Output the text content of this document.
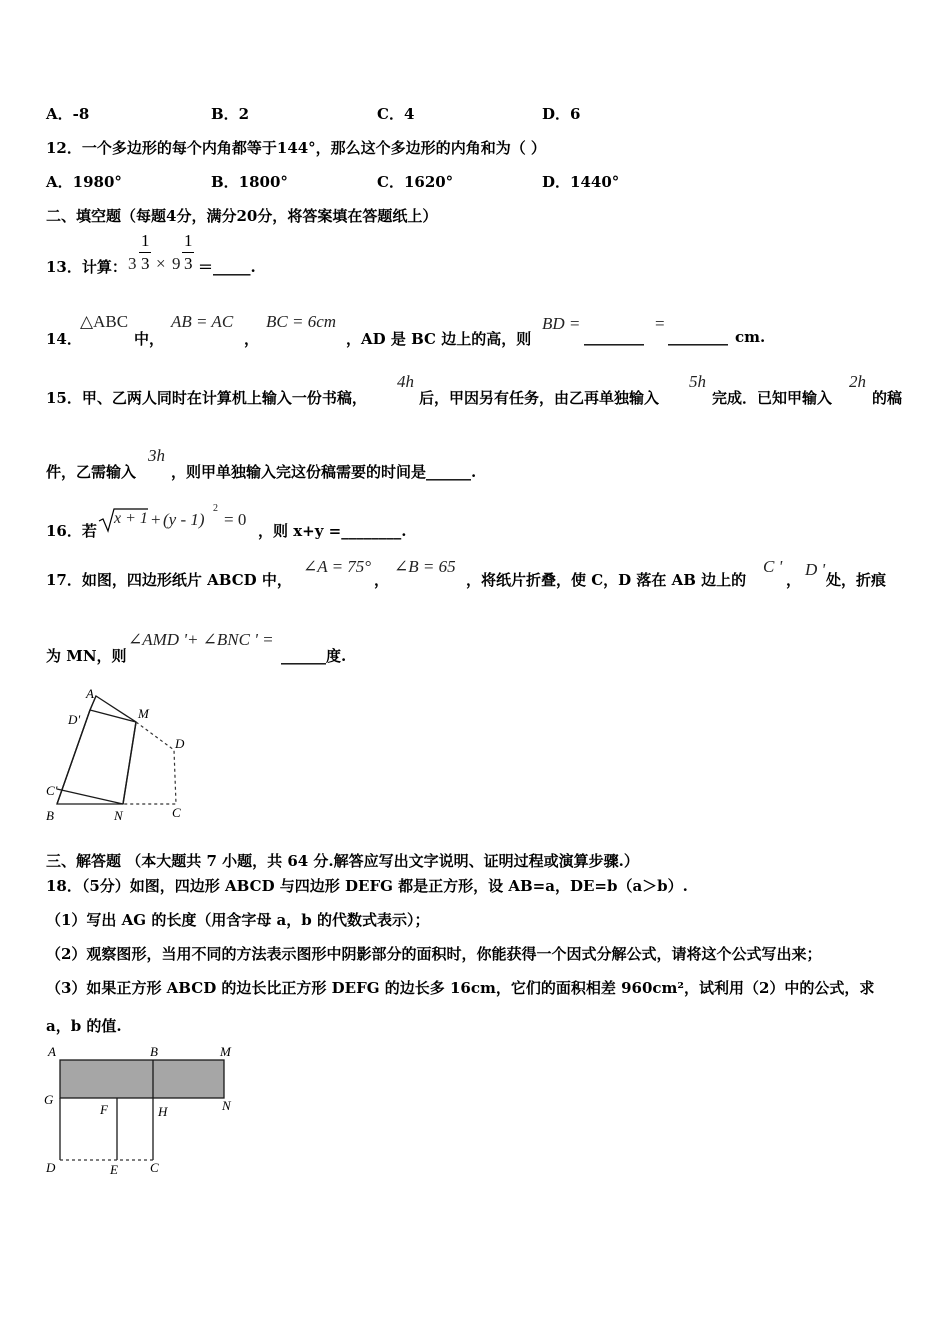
A．-8	B．2	C．4	D．6
12．一个多边形的每个内角都等于144°，那么这个多边形的内角和为（ ）
A．1980°	B．1800°	C．1620°	D．1440°
二、填空题（每题4分，满分20分，将答案填在答题纸上）
13．计算： 3
1
3 × 9
1
3 ＝_____.
14．
△ABC
中，
AB = AC
，
BC = 6cm
，AD 是 BC 边上的高，则
BD =
________
=
________ cm.
15．甲、乙两人同时在计算机上输入一份书稿，
4h
后，甲因另有任务，由乙再单独输入
5h
完成．已知甲输入
2h
的稿
件，乙需输入
3h
，则甲单独输入完这份稿需要的时间是______.
16．若
x + 1 + (y - 1)
2
= 0
，则 x+y =________.
17．如图，四边形纸片 ABCD 中，
∠A = 75°
，
∠B = 65
，将纸片折叠，使 C，D 落在 AB 边上的
C '
，
D '
处，折痕
为 MN，则
∠AMD '+ ∠BNC ' =
______度.
A
D'	M
D
C'
B	N	C
三、解答题 （本大题共 7 小题，共 64 分.解答应写出文字说明、证明过程或演算步骤.）
18．（5分）如图，四边形 ABCD 与四边形 DEFG 都是正方形，设 AB=a，DE=b（a＞b）.
（1）写出 AG 的长度（用含字母 a，b 的代数式表示）；
（2）观察图形，当用不同的方法表示图形中阴影部分的面积时，你能获得一个因式分解公式，请将这个公式写出来；
（3）如果正方形 ABCD 的边长比正方形 DEFG 的边长多 16cm，它们的面积相差 960cm²，试利用（2）中的公式，求
a，b 的值.
A	B	M
G
F	H	N
D	E C
